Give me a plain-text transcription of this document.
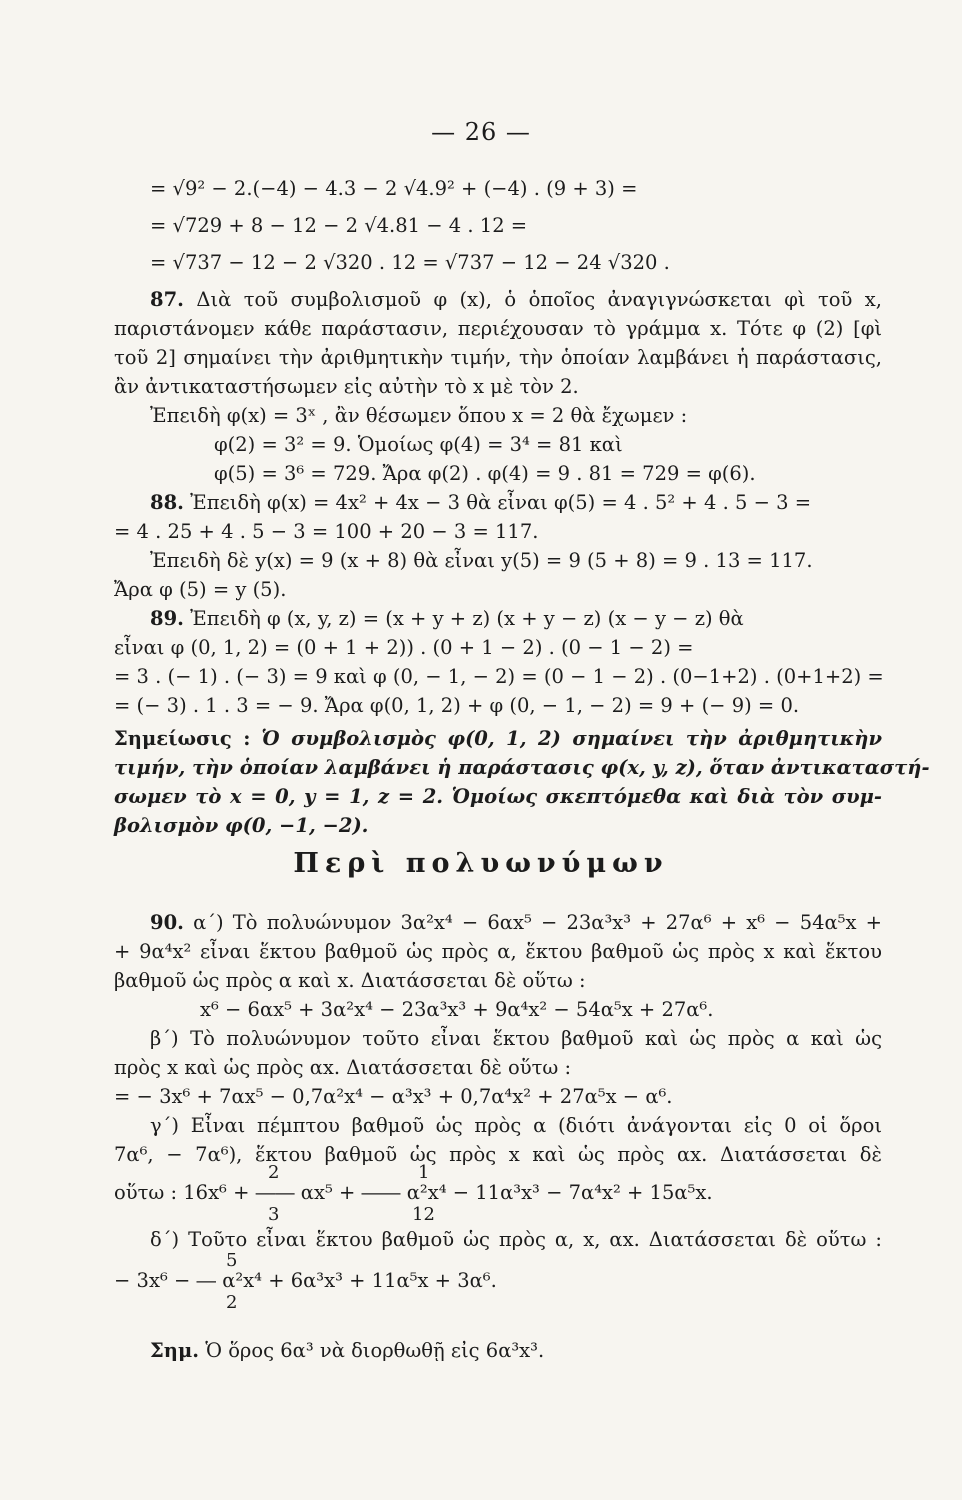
— 26 —
= √9² − 2.(−4) − 4.3 − 2 √4.9² + (−4) . (9 + 3) =
= √729 + 8 − 12 − 2 √4.81 − 4 . 12 =
= √737 − 12 − 2 √320 . 12 = √737 − 12 − 24 √320 .
87. Διὰ τοῦ συμβολισμοῦ φ (x), ὁ ὁποῖος ἀναγιγνώσκεται φὶ τοῦ x,
παριστάνομεν κάθε παράστασιν, περιέχουσαν τὸ γράμμα x. Τότε φ (2) [φὶ
τοῦ 2] σημαίνει τὴν ἀριθμητικὴν τιμήν, τὴν ὁποίαν λαμβάνει ἡ παράστασις,
ἂν ἀντικαταστήσωμεν εἰς αὐτὴν τὸ x μὲ τὸν 2.
Ἐπειδὴ φ(x) = 3ˣ , ἂν θέσωμεν ὅπου x = 2 θὰ ἔχωμεν :
φ(2) = 3² = 9. Ὁμοίως φ(4) = 3⁴ = 81 καὶ
φ(5) = 3⁶ = 729. Ἄρα φ(2) . φ(4) = 9 . 81 = 729 = φ(6).
88. Ἐπειδὴ φ(x) = 4x² + 4x − 3 θὰ εἶναι φ(5) = 4 . 5² + 4 . 5 − 3 =
= 4 . 25 + 4 . 5 − 3 = 100 + 20 − 3 = 117.
Ἐπειδὴ δὲ y(x) = 9 (x + 8) θὰ εἶναι y(5) = 9 (5 + 8) = 9 . 13 = 117.
Ἄρα φ (5) = y (5).
89. Ἐπειδὴ φ (x, y, z) = (x + y + z) (x + y − z) (x − y − z) θὰ
εἶναι φ (0, 1, 2) = (0 + 1 + 2)) . (0 + 1 − 2) . (0 − 1 − 2) =
= 3 . (− 1) . (− 3) = 9 καὶ φ (0, − 1, − 2) = (0 − 1 − 2) . (0−1+2) . (0+1+2) =
= (− 3) . 1 . 3 = − 9. Ἄρα φ(0, 1, 2) + φ (0, − 1, − 2) = 9 + (− 9) = 0.
Σημείωσις : Ὁ συμβολισμὸς φ(0, 1, 2) σημαίνει τὴν ἀριθμητικὴν
τιμήν, τὴν ὁποίαν λαμβάνει ἡ παράστασις φ(x, y, z), ὅταν ἀντικαταστή-
σωμεν τὸ x = 0, y = 1, z = 2. Ὁμοίως σκεπτόμεθα καὶ διὰ τὸν συμ-
βολισμὸν φ(0, −1, −2).
Περὶ πολυωνύμων
90. α΄) Τὸ πολυώνυμον 3α²x⁴ − 6αx⁵ − 23α³x³ + 27α⁶ + x⁶ − 54α⁵x +
+ 9α⁴x² εἶναι ἕκτου βαθμοῦ ὡς πρὸς α, ἕκτου βαθμοῦ ὡς πρὸς x καὶ ἕκτου
βαθμοῦ ὡς πρὸς α καὶ x. Διατάσσεται δὲ οὕτω :
x⁶ − 6αx⁵ + 3α²x⁴ − 23α³x³ + 9α⁴x² − 54α⁵x + 27α⁶.
β΄) Τὸ πολυώνυμον τοῦτο εἶναι ἕκτου βαθμοῦ καὶ ὡς πρὸς α καὶ ὡς
πρὸς x καὶ ὡς πρὸς αx. Διατάσσεται δὲ οὕτω :
= − 3x⁶ + 7αx⁵ − 0,7α²x⁴ − α³x³ + 0,7α⁴x² + 27α⁵x − α⁶.
γ΄) Εἶναι πέμπτου βαθμοῦ ὡς πρὸς α (διότι ἀνάγονται εἰς 0 οἱ ὅροι
7α⁶, − 7α⁶), ἕκτου βαθμοῦ ὡς πρὸς x καὶ ὡς πρὸς αx. Διατάσσεται δὲ
2	1
οὕτω : 16x⁶ + ―― αx⁵ + ―― α²x⁴ − 11α³x³ − 7α⁴x² + 15α⁵x.
3	12
δ΄) Τοῦτο εἶναι ἕκτου βαθμοῦ ὡς πρὸς α, x, αx. Διατάσσεται δὲ οὕτω :
5
− 3x⁶ − ― α²x⁴ + 6α³x³ + 11α⁵x + 3α⁶.
2
Σημ. Ὁ ὅρος 6α³ νὰ διορθωθῇ εἰς 6α³x³.
